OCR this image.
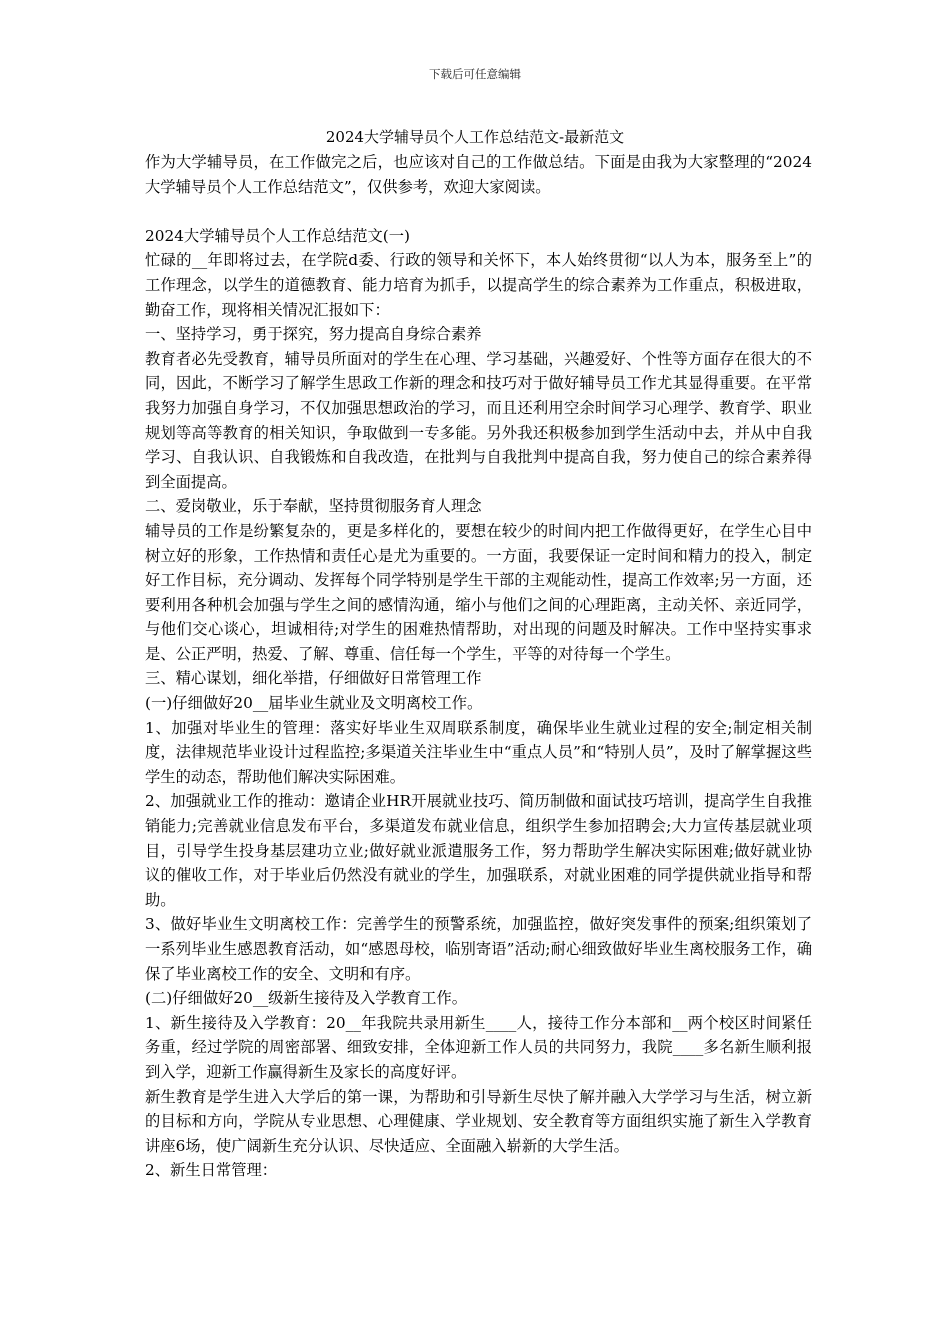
下载后可任意编辑
2024大学辅导员个人工作总结范文-最新范文

作为大学辅导员，在工作做完之后，也应该对自己的工作做总结。下面是由我为大家整理的“2024大学辅导员个人工作总结范文”，仅供参考，欢迎大家阅读。

2024大学辅导员个人工作总结范文(一)

忙碌的__年即将过去，在学院d委、行政的领导和关怀下，本人始终贯彻“以人为本，服务至上”的工作理念，以学生的道德教育、能力培育为抓手，以提高学生的综合素养为工作重点，积极进取，勤奋工作，现将相关情况汇报如下：

一、坚持学习，勇于探究，努力提高自身综合素养

教育者必先受教育，辅导员所面对的学生在心理、学习基础，兴趣爱好、个性等方面存在很大的不同，因此，不断学习了解学生思政工作新的理念和技巧对于做好辅导员工作尤其显得重要。在平常我努力加强自身学习，不仅加强思想政治的学习，而且还利用空余时间学习心理学、教育学、职业规划等高等教育的相关知识，争取做到一专多能。另外我还积极参加到学生活动中去，并从中自我学习、自我认识、自我锻炼和自我改造，在批判与自我批判中提高自我，努力使自己的综合素养得到全面提高。

二、爱岗敬业，乐于奉献，坚持贯彻服务育人理念

辅导员的工作是纷繁复杂的，更是多样化的，要想在较少的时间内把工作做得更好，在学生心目中树立好的形象，工作热情和责任心是尤为重要的。一方面，我要保证一定时间和精力的投入，制定好工作目标，充分调动、发挥每个同学特别是学生干部的主观能动性，提高工作效率;另一方面，还要利用各种机会加强与学生之间的感情沟通，缩小与他们之间的心理距离，主动关怀、亲近同学，与他们交心谈心，坦诚相待;对学生的困难热情帮助，对出现的问题及时解决。工作中坚持实事求是、公正严明，热爱、了解、尊重、信任每一个学生，平等的对待每一个学生。

三、精心谋划，细化举措，仔细做好日常管理工作

(一)仔细做好20__届毕业生就业及文明离校工作。

1、加强对毕业生的管理：落实好毕业生双周联系制度，确保毕业生就业过程的安全;制定相关制度，法律规范毕业设计过程监控;多渠道关注毕业生中“重点人员”和“特别人员”，及时了解掌握这些学生的动态，帮助他们解决实际困难。

2、加强就业工作的推动：邀请企业HR开展就业技巧、简历制做和面试技巧培训，提高学生自我推销能力;完善就业信息发布平台，多渠道发布就业信息，组织学生参加招聘会;大力宣传基层就业项目，引导学生投身基层建功立业;做好就业派遣服务工作，努力帮助学生解决实际困难;做好就业协议的催收工作，对于毕业后仍然没有就业的学生，加强联系，对就业困难的同学提供就业指导和帮助。

3、做好毕业生文明离校工作：完善学生的预警系统，加强监控，做好突发事件的预案;组织策划了一系列毕业生感恩教育活动，如“感恩母校，临别寄语”活动;耐心细致做好毕业生离校服务工作，确保了毕业离校工作的安全、文明和有序。

(二)仔细做好20__级新生接待及入学教育工作。

1、新生接待及入学教育：20__年我院共录用新生____人，接待工作分本部和__两个校区时间紧任务重，经过学院的周密部署、细致安排，全体迎新工作人员的共同努力，我院____多名新生顺利报到入学，迎新工作赢得新生及家长的高度好评。

新生教育是学生进入大学后的第一课，为帮助和引导新生尽快了解并融入大学学习与生活，树立新的目标和方向，学院从专业思想、心理健康、学业规划、安全教育等方面组织实施了新生入学教育讲座6场，使广阔新生充分认识、尽快适应、全面融入崭新的大学生活。

2、新生日常管理：
